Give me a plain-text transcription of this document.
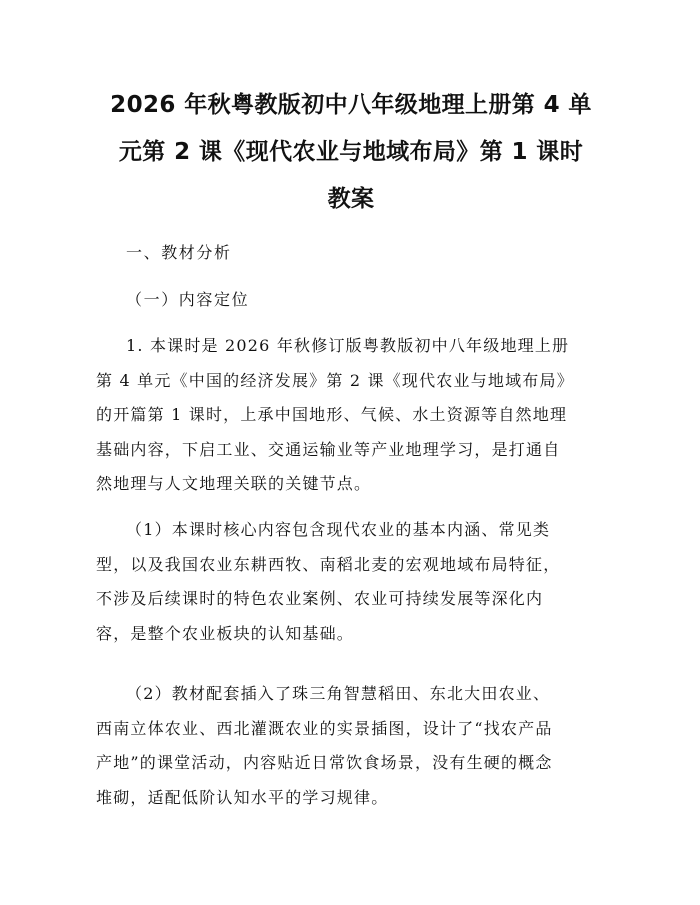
2026 年秋粤教版初中八年级地理上册第 4 单
元第 2 课《现代农业与地域布局》第 1 课时
教案
一、教材分析
（一）内容定位
1. 本课时是 2026 年秋修订版粤教版初中八年级地理上册
第 4 单元《中国的经济发展》第 2 课《现代农业与地域布局》
的开篇第 1 课时，上承中国地形、气候、水土资源等自然地理
基础内容，下启工业、交通运输业等产业地理学习，是打通自
然地理与人文地理关联的关键节点。
（1）本课时核心内容包含现代农业的基本内涵、常见类
型，以及我国农业东耕西牧、南稻北麦的宏观地域布局特征，
不涉及后续课时的特色农业案例、农业可持续发展等深化内
容，是整个农业板块的认知基础。
（2）教材配套插入了珠三角智慧稻田、东北大田农业、
西南立体农业、西北灌溉农业的实景插图，设计了“找农产品
产地”的课堂活动，内容贴近日常饮食场景，没有生硬的概念
堆砌，适配低阶认知水平的学习规律。
